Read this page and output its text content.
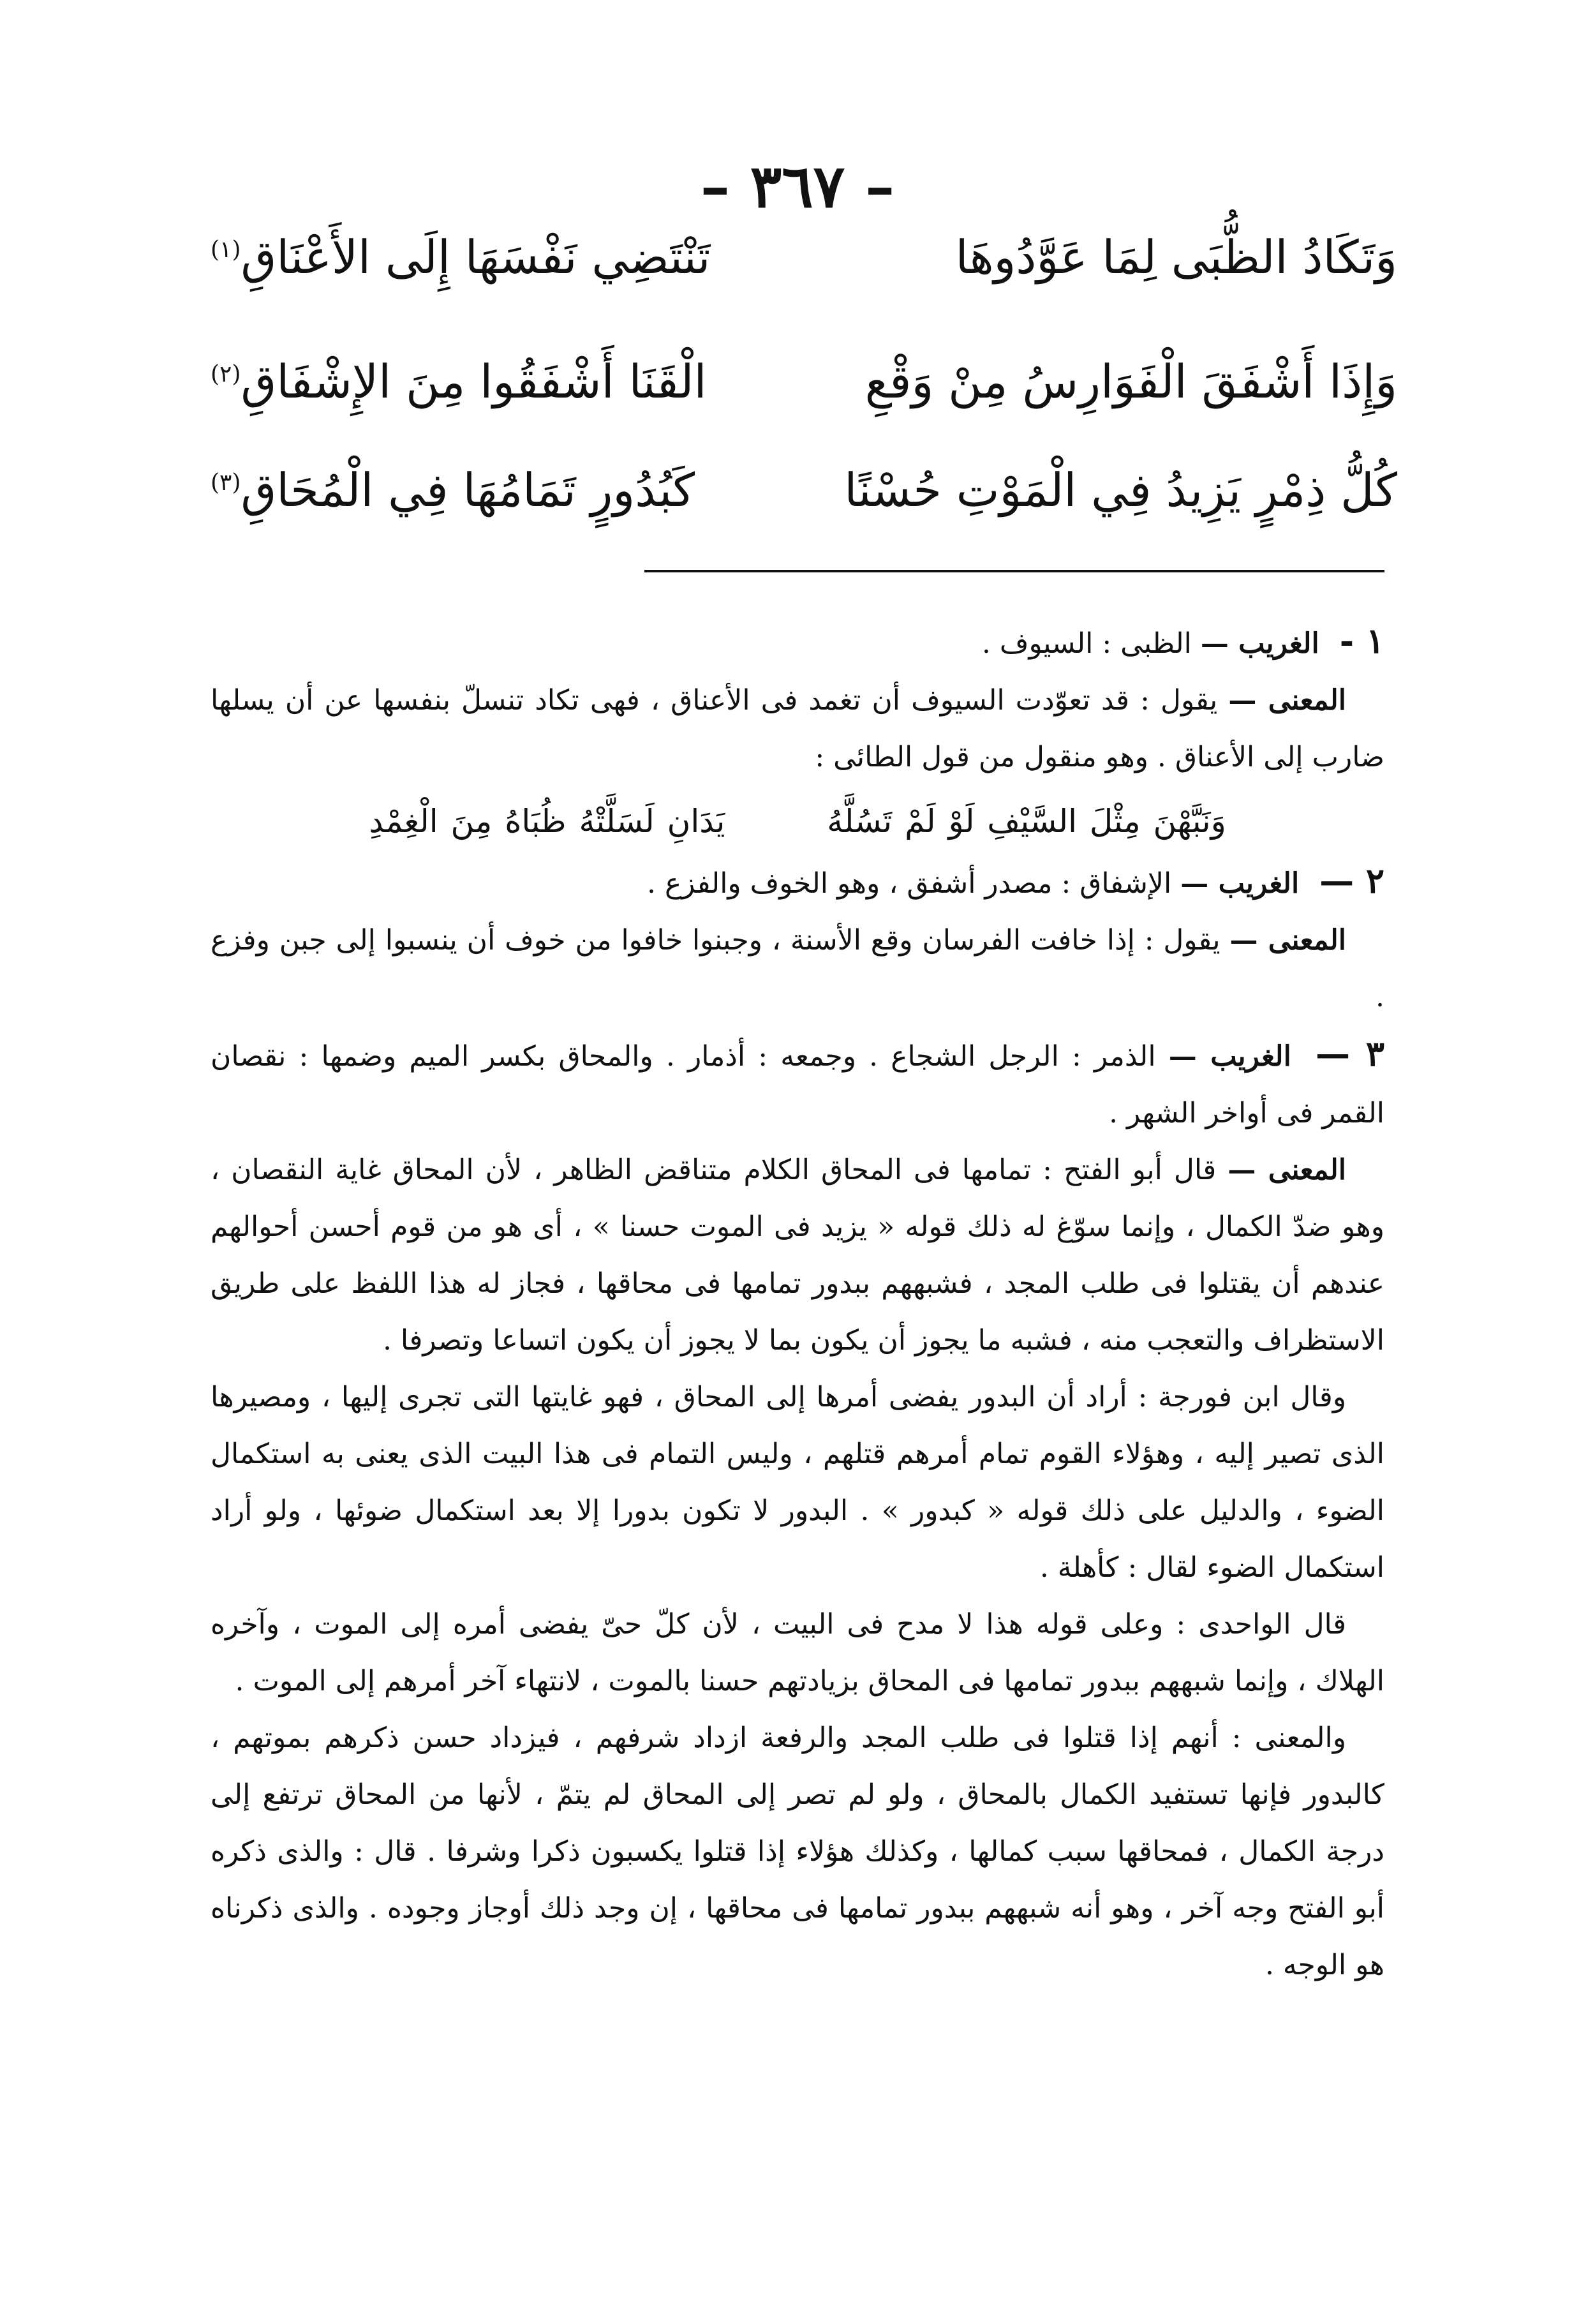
– ٣٦٧ –
وَتَكَادُ الظُّبَى لِمَا عَوَّدُوهَا
تَنْتَضِي نَفْسَهَا إِلَى الأَعْنَاقِ$^{(١)}$
وَإِذَا أَشْفَقَ الْفَوَارِسُ مِنْ وَقْعِ
الْقَنَا أَشْفَقُوا مِنَ الإِشْفَاقِ$^{(٢)}$
كُلُّ ذِمْرٍ يَزِيدُ فِي الْمَوْتِ حُسْنًا
كَبُدُورٍ تَمَامُهَا فِي الْمُحَاقِ$^{(٣)}$

١ - الغريب — الظبى : السيوف .

المعنى — يقول : قد تعوّدت السيوف أن تغمد فى الأعناق ، فهى تكاد تنسلّ بنفسها عن أن يسلها ضارب إلى الأعناق . وهو منقول من قول الطائى :

وَنَبَّهْنَ مِثْلَ السَّيْفِ لَوْ لَمْ تَسُلَّهُ يَدَانِ لَسَلَّتْهُ ظُبَاهُ مِنَ الْغِمْدِ

٢ — الغريب — الإشفاق : مصدر أشفق ، وهو الخوف والفزع .

المعنى — يقول : إذا خافت الفرسان وقع الأسنة ، وجبنوا خافوا من خوف أن ينسبوا إلى جبن وفزع .

٣ — الغريب — الذمر : الرجل الشجاع . وجمعه : أذمار . والمحاق بكسر الميم وضمها : نقصان القمر فى أواخر الشهر .

المعنى — قال أبو الفتح : تمامها فى المحاق الكلام متناقض الظاهر ، لأن المحاق غاية النقصان ، وهو ضدّ الكمال ، وإنما سوّغ له ذلك قوله « يزيد فى الموت حسنا » ، أى هو من قوم أحسن أحوالهم عندهم أن يقتلوا فى طلب المجد ، فشبههم ببدور تمامها فى محاقها ، فجاز له هذا اللفظ على طريق الاستظراف والتعجب منه ، فشبه ما يجوز أن يكون بما لا يجوز أن يكون اتساعا وتصرفا .

وقال ابن فورجة : أراد أن البدور يفضى أمرها إلى المحاق ، فهو غايتها التى تجرى إليها ، ومصيرها الذى تصير إليه ، وهؤلاء القوم تمام أمرهم قتلهم ، وليس التمام فى هذا البيت الذى يعنى به استكمال الضوء ، والدليل على ذلك قوله « كبدور » . البدور لا تكون بدورا إلا بعد استكمال ضوئها ، ولو أراد استكمال الضوء لقال : كأهلة .

قال الواحدى : وعلى قوله هذا لا مدح فى البيت ، لأن كلّ حىّ يفضى أمره إلى الموت ، وآخره الهلاك ، وإنما شبههم ببدور تمامها فى المحاق بزيادتهم حسنا بالموت ، لانتهاء آخر أمرهم إلى الموت .

والمعنى : أنهم إذا قتلوا فى طلب المجد والرفعة ازداد شرفهم ، فيزداد حسن ذكرهم بموتهم ، كالبدور فإنها تستفيد الكمال بالمحاق ، ولو لم تصر إلى المحاق لم يتمّ ، لأنها من المحاق ترتفع إلى درجة الكمال ، فمحاقها سبب كمالها ، وكذلك هؤلاء إذا قتلوا يكسبون ذكرا وشرفا . قال : والذى ذكره أبو الفتح وجه آخر ، وهو أنه شبههم ببدور تمامها فى محاقها ، إن وجد ذلك أوجاز وجوده . والذى ذكرناه هو الوجه .
